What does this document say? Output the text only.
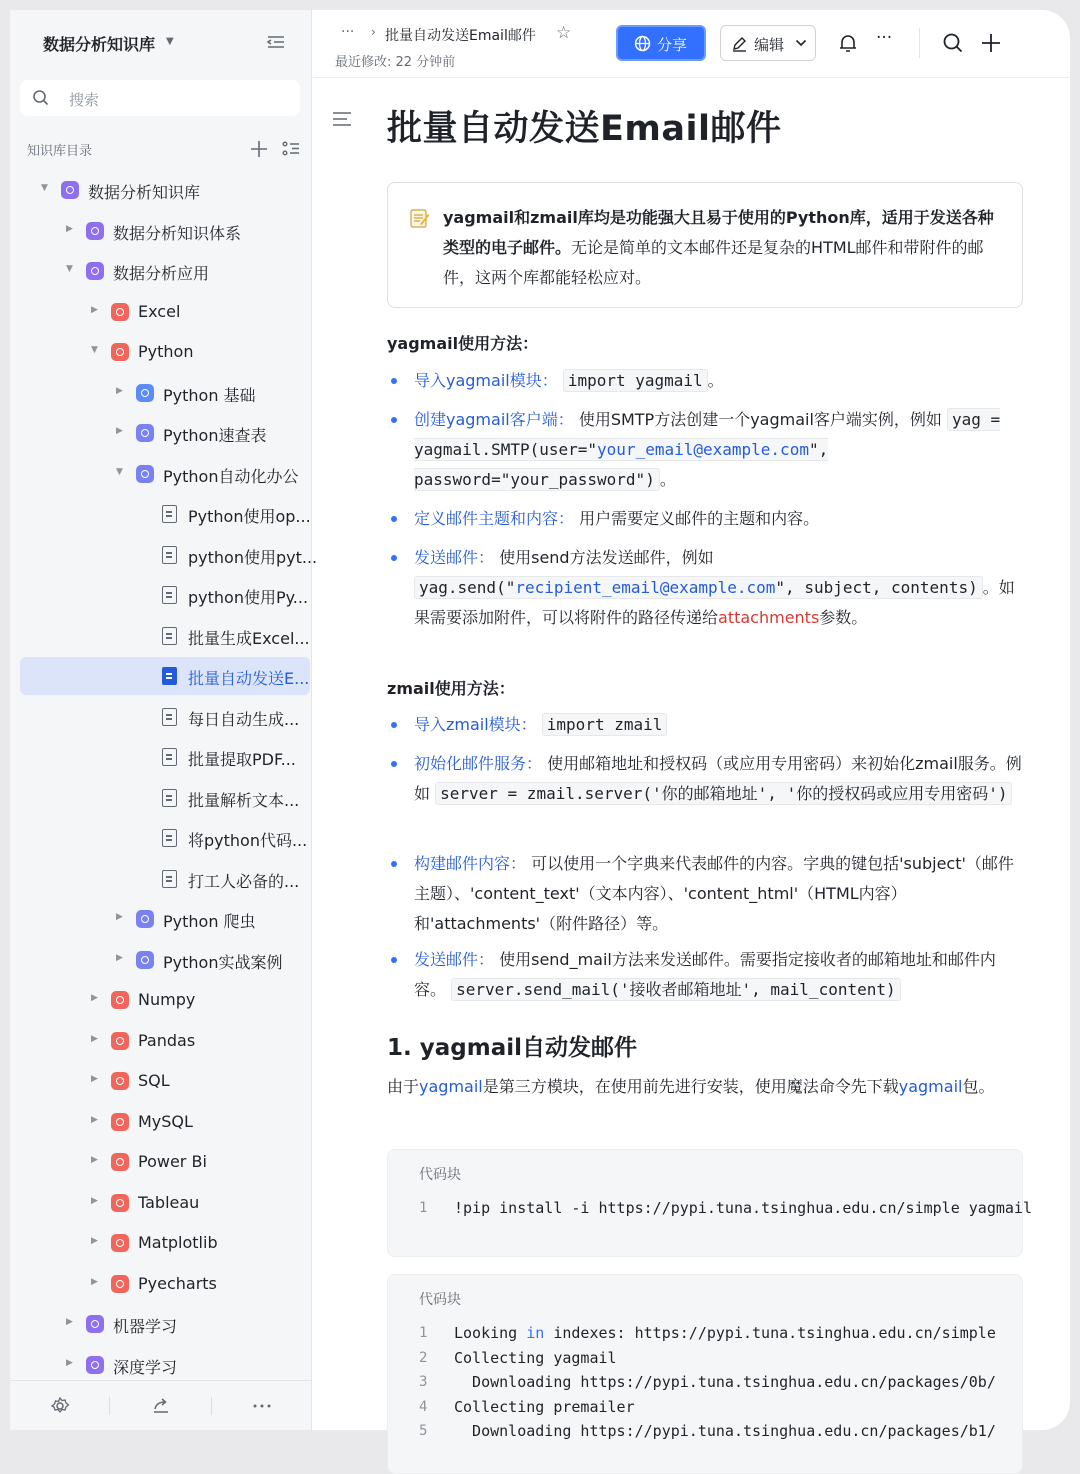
数据分析知识库 ▼
搜索
知识库目录
▼	数据分析知识库
▶	数据分析知识体系
▼	数据分析应用
▶	Excel
▼	Python
▶	Python 基础
▶	Python速查表
▼	Python自动化办公
Python使用op...
python使用pyt...
python使用Py...
批量生成Excel...
批量自动发送E...
每日自动生成...
批量提取PDF...
批量解析文本...
将python代码...
打工人必备的...
▶	Python 爬虫
▶	Python实战案例
▶	Numpy
▶	Pandas
▶	SQL
▶	MySQL
▶	Power Bi
▶	Tableau
▶	Matplotlib
▶	Pyecharts
▶	机器学习
▶	深度学习
··· › 批量自动发送Email邮件 ☆
最近修改: 22 分钟前
分享	编辑	···
批量自动发送Email邮件

yagmail和zmail库均是功能强大且易于使用的Python库，适用于发送各种类型的电子邮件。无论是简单的文本邮件还是复杂的HTML邮件和带附件的邮件，这两个库都能轻松应对。

yagmail使用方法：
导入yagmail模块： import yagmail 。
创建yagmail客户端： 使用SMTP方法创建一个yagmail客户端实例，例如 yag = yagmail.SMTP(user="your_email@example.com", password="your_password") 。
定义邮件主题和内容： 用户需要定义邮件的主题和内容。
发送邮件： 使用send方法发送邮件，例如 yag.send("recipient_email@example.com", subject, contents) 。如果需要添加附件，可以将附件的路径传递给attachments参数。
zmail使用方法：
导入zmail模块： import zmail
初始化邮件服务： 使用邮箱地址和授权码（或应用专用密码）来初始化zmail服务。例如 server = zmail.server('你的邮箱地址', '你的授权码或应用专用密码')
构建邮件内容： 可以使用一个字典来代表邮件的内容。字典的键包括'subject'（邮件主题）、'content_text'（文本内容）、'content_html'（HTML内容）和'attachments'（附件路径）等。
发送邮件： 使用send_mail方法来发送邮件。需要指定接收者的邮箱地址和邮件内容。 server.send_mail('接收者邮箱地址', mail_content)
1. yagmail自动发邮件

由于yagmail是第三方模块，在使用前先进行安装，使用魔法命令先下载yagmail包。

代码块
1 !pip install -i https://pypi.tuna.tsinghua.edu.cn/simple yagmail
代码块
1 Looking in indexes: https://pypi.tuna.tsinghua.edu.cn/simple
2 Collecting yagmail
3 Downloading https://pypi.tuna.tsinghua.edu.cn/packages/0b/
4 Collecting premailer
5 Downloading https://pypi.tuna.tsinghua.edu.cn/packages/b1/
